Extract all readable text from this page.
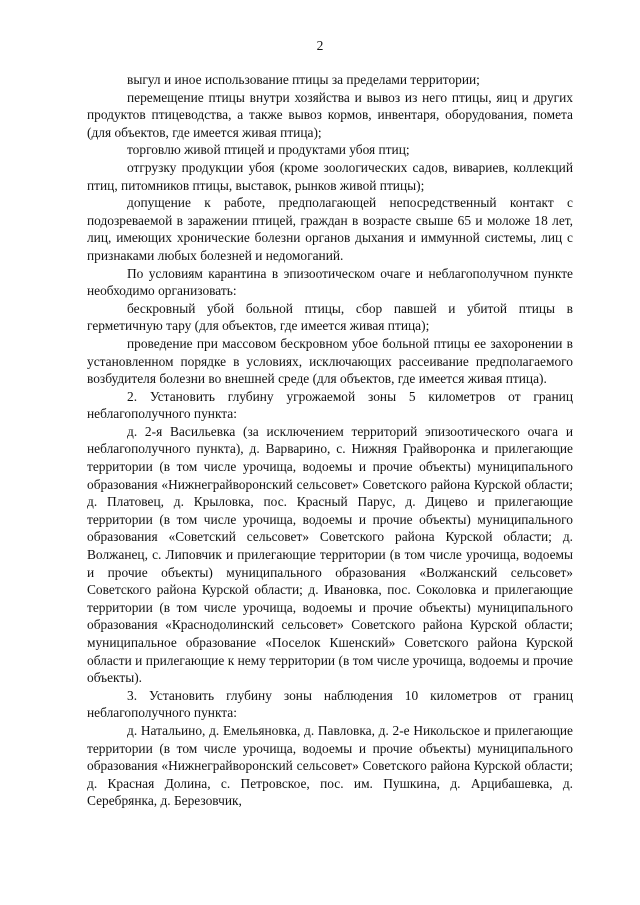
2

выгул и иное использование птицы за пределами территории;

перемещение птицы внутри хозяйства и вывоз из него птицы, яиц и других продуктов птицеводства, а также вывоз кормов, инвентаря, оборудования, помета (для объектов, где имеется живая птица);

торговлю живой птицей и продуктами убоя птиц;

отгрузку продукции убоя (кроме зоологических садов, вивариев, коллекций птиц, питомников птицы, выставок, рынков живой птицы);

допущение к работе, предполагающей непосредственный контакт с подозреваемой в заражении птицей, граждан в возрасте свыше 65 и моложе 18 лет, лиц, имеющих хронические болезни органов дыхания и иммунной системы, лиц с признаками любых болезней и недомоганий.

По условиям карантина в эпизоотическом очаге и неблагополучном пункте необходимо организовать:

бескровный убой больной птицы, сбор павшей и убитой птицы в герметичную тару (для объектов, где имеется живая птица);

проведение при массовом бескровном убое больной птицы ее захоронении в установленном порядке в условиях, исключающих рассеивание предполагаемого возбудителя болезни во внешней среде (для объектов, где имеется живая птица).

2. Установить глубину угрожаемой зоны 5 километров от границ неблагополучного пункта:

д. 2-я Васильевка (за исключением территорий эпизоотического очага и неблагополучного пункта), д. Варварино, с. Нижняя Грайворонка и прилегающие территории (в том числе урочища, водоемы и прочие объекты) муниципального образования «Нижнеграйворонский сельсовет» Советского района Курской области; д. Платовец, д. Крыловка, пос. Красный Парус, д. Дицево и прилегающие территории (в том числе урочища, водоемы и прочие объекты) муниципального образования «Советский сельсовет» Советского района Курской области; д. Волжанец, с. Липовчик и прилегающие территории (в том числе урочища, водоемы и прочие объекты) муниципального образования «Волжанский сельсовет» Советского района Курской области; д. Ивановка, пос. Соколовка и прилегающие территории (в том числе урочища, водоемы и прочие объекты) муниципального образования «Краснодолинский сельсовет» Советского района Курской области; муниципальное образование «Поселок Кшенский» Советского района Курской области и прилегающие к нему территории (в том числе урочища, водоемы и прочие объекты).

3. Установить глубину зоны наблюдения 10 километров от границ неблагополучного пункта:

д. Натальино, д. Емельяновка, д. Павловка, д. 2-е Никольское и прилегающие территории (в том числе урочища, водоемы и прочие объекты) муниципального образования «Нижнеграйворонский сельсовет» Советского района Курской области; д. Красная Долина, с. Петровское, пос. им. Пушкина, д. Арцибашевка, д. Серебрянка, д. Березовчик,
